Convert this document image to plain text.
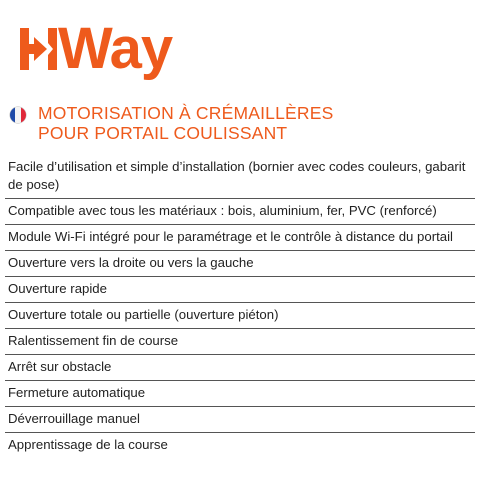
Way
MOTORISATION À CRÉMAILLÈRES
POUR PORTAIL COULISSANT
Facile d’utilisation et simple d’installation (bornier avec codes couleurs, gabarit de pose)
Compatible avec tous les matériaux : bois, aluminium, fer, PVC (renforcé)
Module Wi-Fi intégré pour le paramétrage et le contrôle à distance du portail
Ouverture vers la droite ou vers la gauche
Ouverture rapide
Ouverture totale ou partielle (ouverture piéton)
Ralentissement fin de course
Arrêt sur obstacle
Fermeture automatique
Déverrouillage manuel
Apprentissage de la course
